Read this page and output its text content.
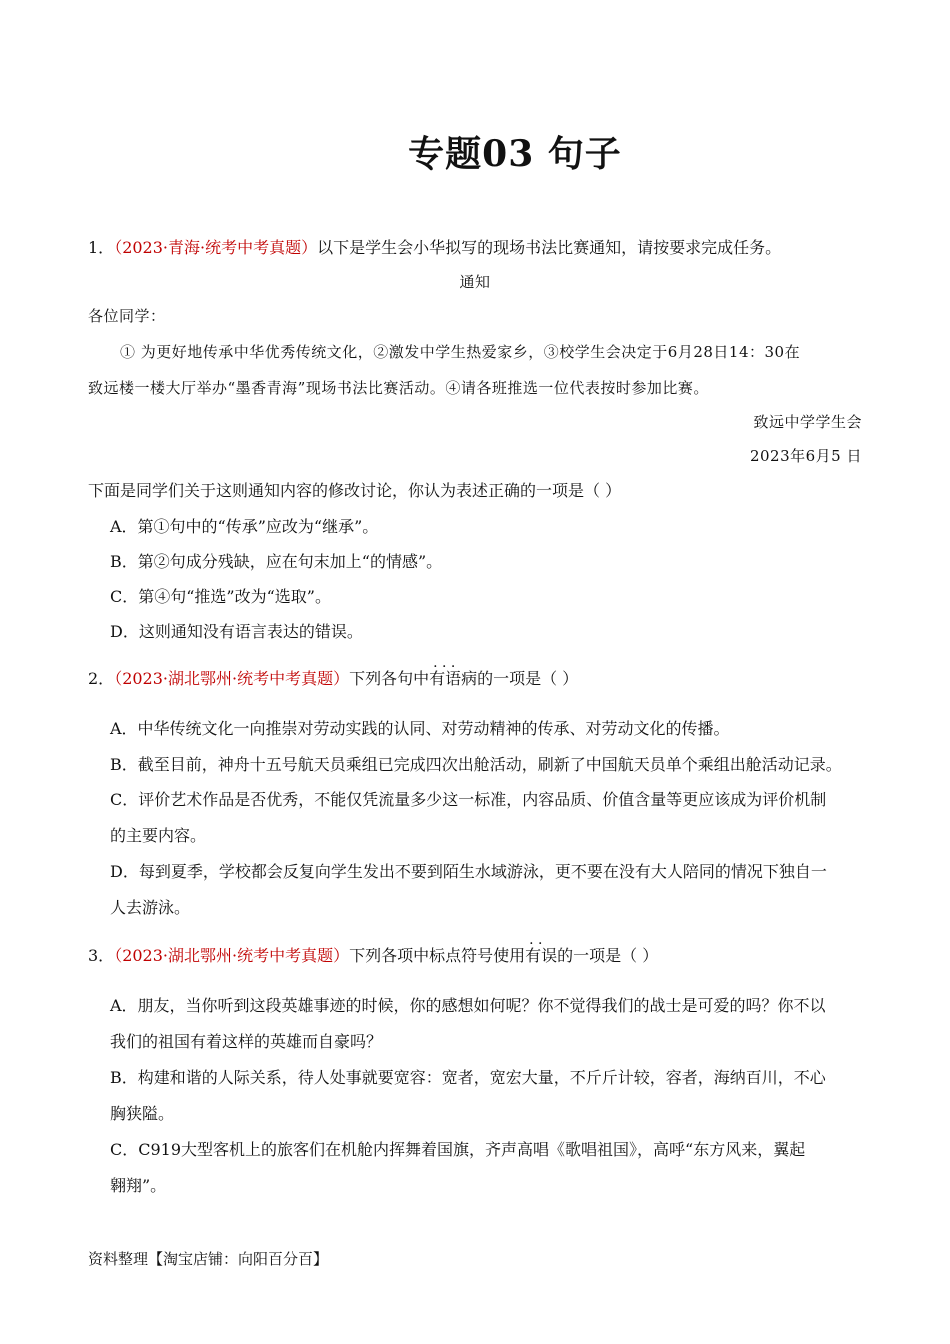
专题03 句子
1．（2023·青海·统考中考真题）以下是学生会小华拟写的现场书法比赛通知，请按要求完成任务。
通知
各位同学：
① 为更好地传承中华优秀传统文化，②激发中学生热爱家乡，③校学生会决定于6月28日14：30在
致远楼一楼大厅举办“墨香青海”现场书法比赛活动。④请各班推选一位代表按时参加比赛。
致远中学学生会
2023年6月5 日
下面是同学们关于这则通知内容的修改讨论，你认为表述正确的一项是（ ）
A．第①句中的“传承”应改为“继承”。
B．第②句成分残缺，应在句末加上“的情感”。
C．第④句“推选”改为“选取”。
D．这则通知没有语言表达的错误。
2．（2023·湖北鄂州·统考中考真题）下列各句中· · · 有语病的一项是（ ）
A．中华传统文化一向推崇对劳动实践的认同、对劳动精神的传承、对劳动文化的传播。
B．截至目前，神舟十五号航天员乘组已完成四次出舱活动，刷新了中国航天员单个乘组出舱活动记录。
C．评价艺术作品是否优秀，不能仅凭流量多少这一标准，内容品质、价值含量等更应该成为评价机制
的主要内容。
D．每到夏季，学校都会反复向学生发出不要到陌生水域游泳，更不要在没有大人陪同的情况下独自一
人去游泳。
3．（2023·湖北鄂州·统考中考真题）下列各项中标点符号使用· · 有误的一项是（ ）
A．朋友，当你听到这段英雄事迹的时候，你的感想如何呢？你不觉得我们的战士是可爱的吗？你不以
我们的祖国有着这样的英雄而自豪吗？
B．构建和谐的人际关系，待人处事就要宽容：宽者，宽宏大量，不斤斤计较，容者，海纳百川，不心
胸狭隘。
C．C919大型客机上的旅客们在机舱内挥舞着国旗，齐声高唱《歌唱祖国》，高呼“东方风来，翼起
翱翔”。
资料整理【淘宝店铺：向阳百分百】
